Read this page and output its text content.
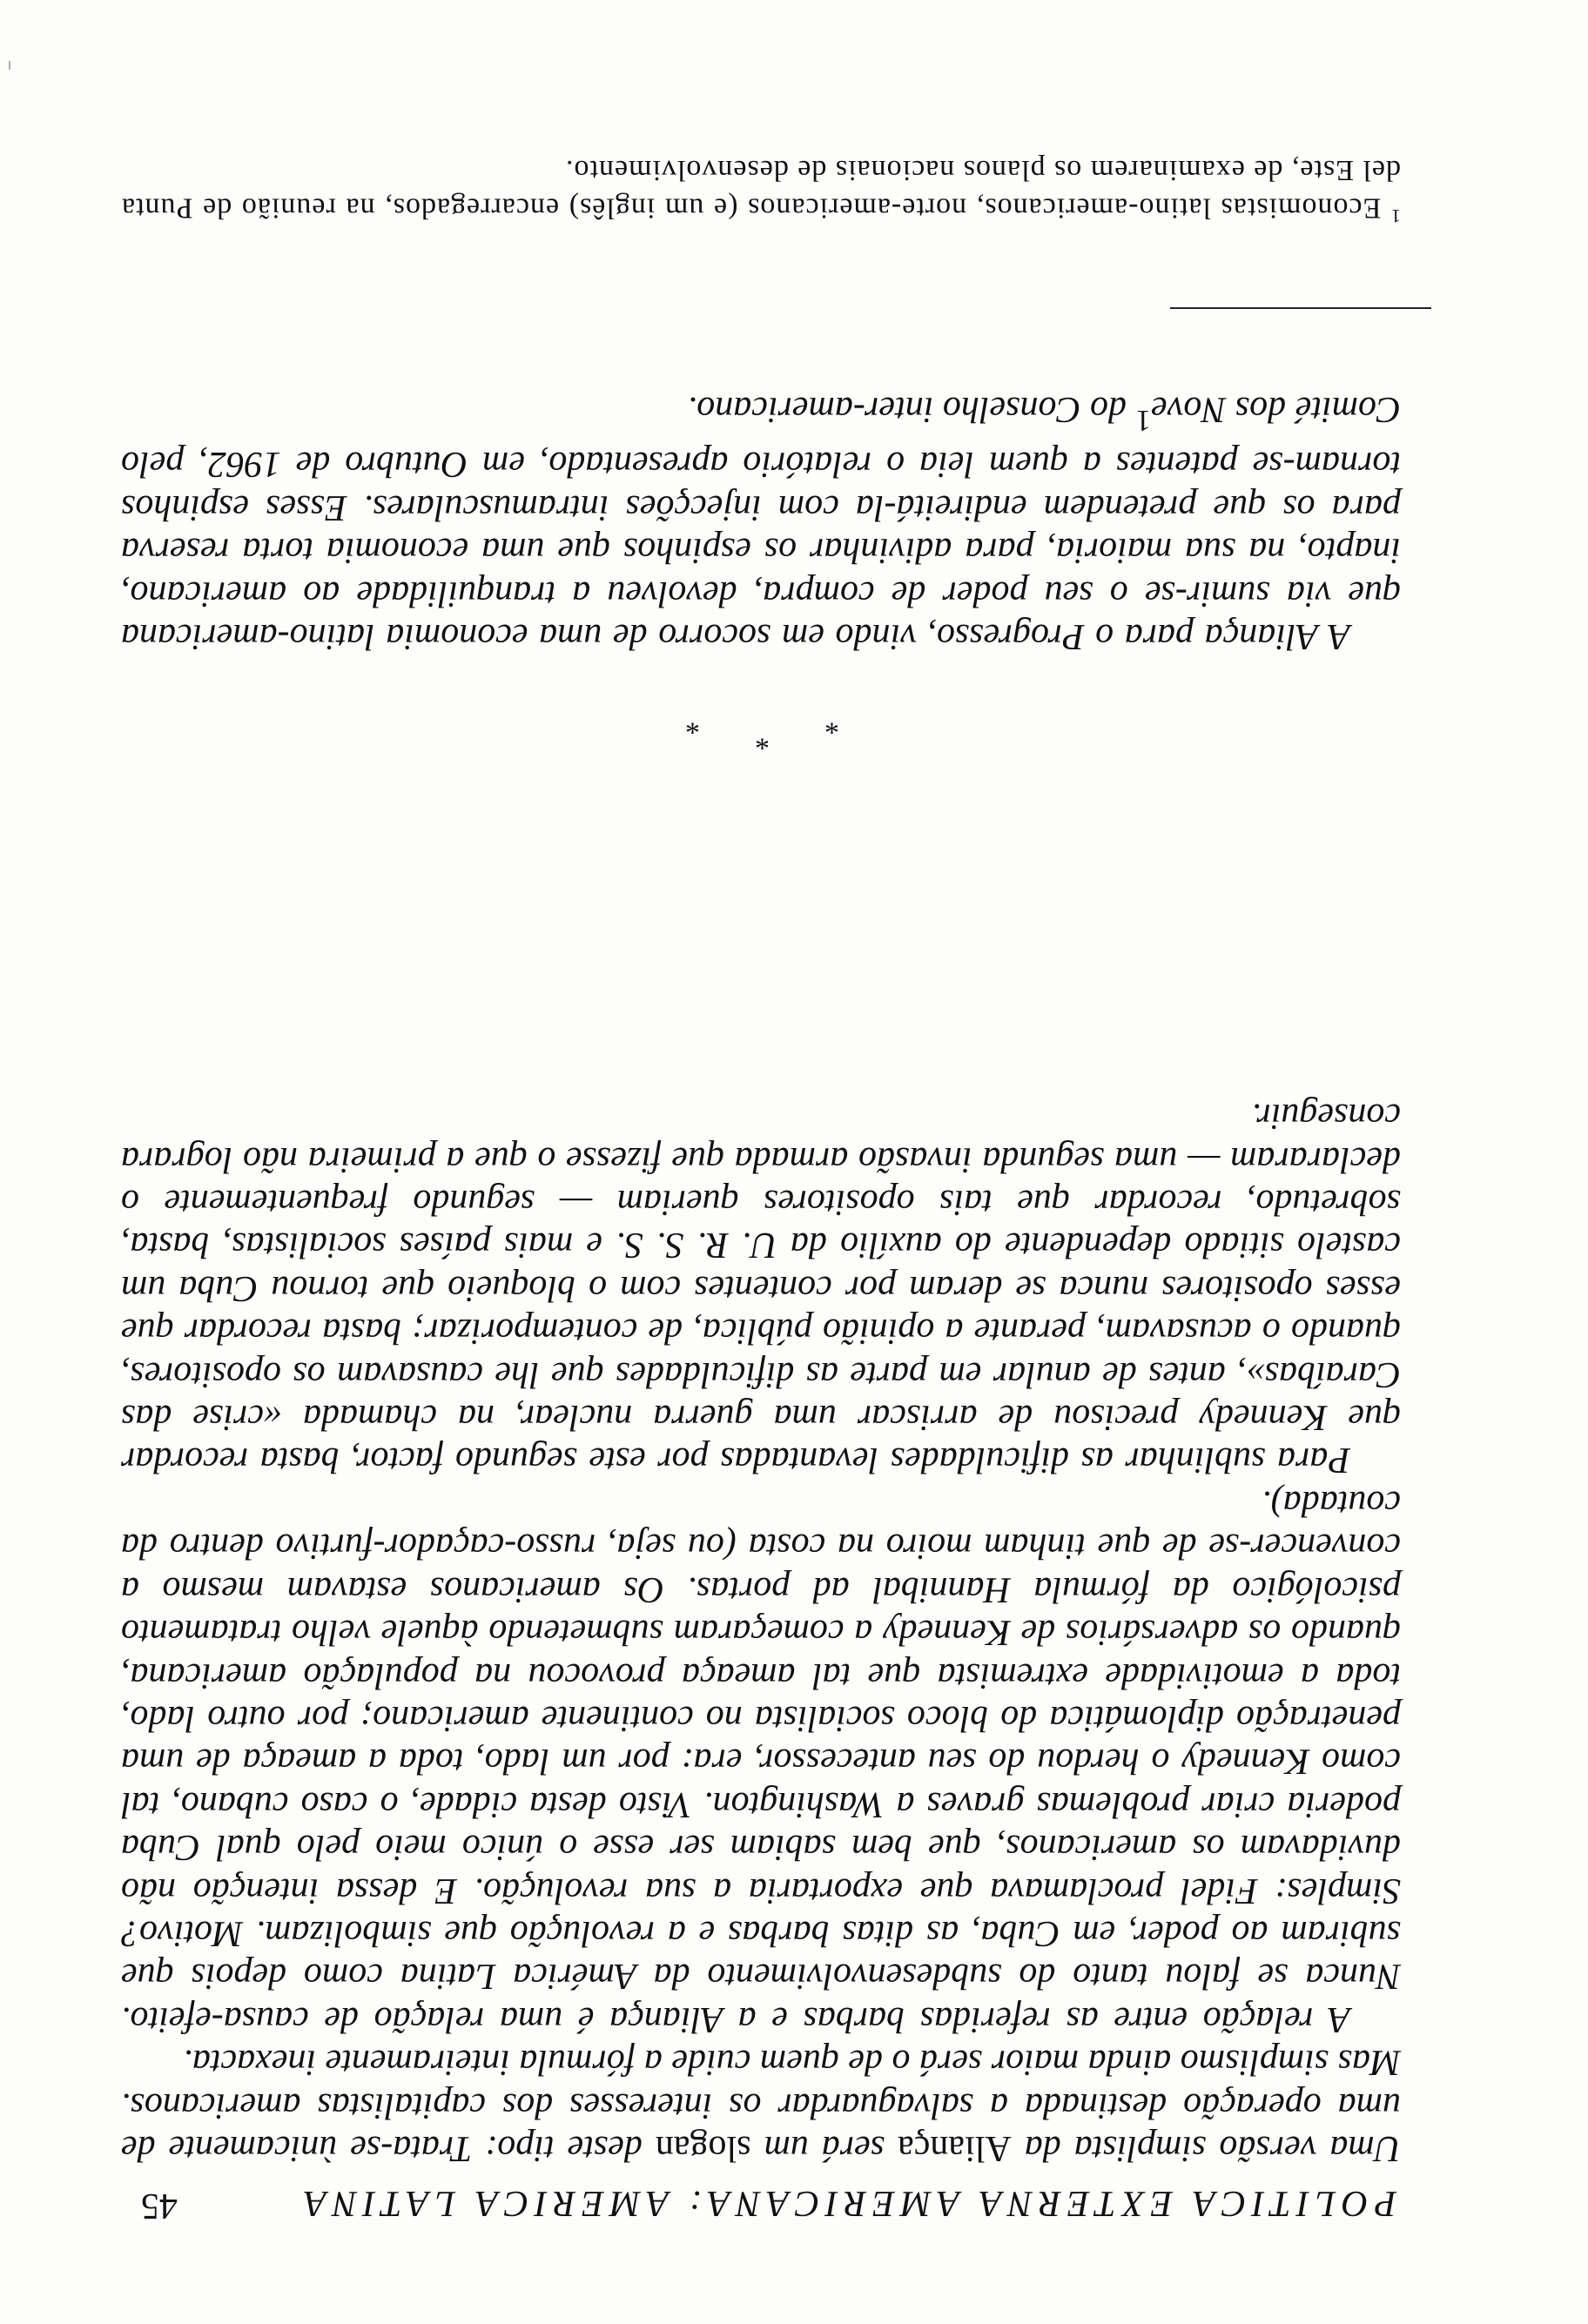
POLITICA EXTERNA AMERICANA: AMERICA LATINA
45

Uma versão simplista da Aliança será um slogan deste tipo: Trata-se ùnicamente de uma operação destinada a salvaguardar os interesses dos capitalistas americanos. Mas simplismo ainda maior será o de quem cuide a fórmula inteiramente inexacta.

A relação entre as referidas barbas e a Aliança é uma relação de causa-efeito. Nunca se falou tanto do subdesenvolvimento da América Latina como depois que subiram ao poder, em Cuba, as ditas barbas e a revolução que simbolizam. Motivo? Simples: Fidel proclamava que exportaria a sua revolução. E dessa intenção não duvidavam os americanos, que bem sabiam ser esse o único meio pelo qual Cuba poderia criar problemas graves a Washington. Visto desta cidade, o caso cubano, tal como Kennedy o herdou do seu antecessor, era: por um lado, toda a ameaça de uma penetração diplomática do bloco socialista no continente americano; por outro lado, toda a emotividade extremista que tal ameaça provocou na população americana, quando os adversários de Kennedy a começaram submetendo àquele velho tratamento psicológico da fórmula Hannibal ad portas. Os americanos estavam mesmo a convencer-se de que tinham moiro na costa (ou seja, russo-caçador-furtivo dentro da coutada).

Para sublinhar as dificuldades levantadas por este segundo factor, basta recordar que Kennedy precisou de arriscar uma guerra nuclear, na chamada «crise das Caraíbas», antes de anular em parte as dificuldades que lhe causavam os opositores, quando o acusavam, perante a opinião pública, de contemporizar; basta recordar que esses opositores nunca se deram por contentes com o bloqueio que tornou Cuba um castelo sitiado dependente do auxílio da U. R. S. S. e mais países socialistas, basta, sobretudo, recordar que tais opositores queriam — segundo frequentemente o declararam — uma segunda invasão armada que fizesse o que a primeira não lograra conseguir.

*
*
*

A Aliança para o Progresso, vindo em socorro de uma economia latino-americana que via sumir-se o seu poder de compra, devolveu a tranquilidade ao americano, inapto, na sua maioria, para adivinhar os espinhos que uma economia torta reserva para os que pretendem endireitá-la com injecções intramusculares. Esses espinhos tornam-se patentes a quem leia o relatório apresentado, em Outubro de 1962, pelo Comité dos Nove$^1$ do Conselho inter-americano.

$^1$ Economistas latino-americanos, norte-americanos (e um inglês) encarregados, na reunião de Punta del Este, de examinarem os planos nacionais de desenvolvimento.
